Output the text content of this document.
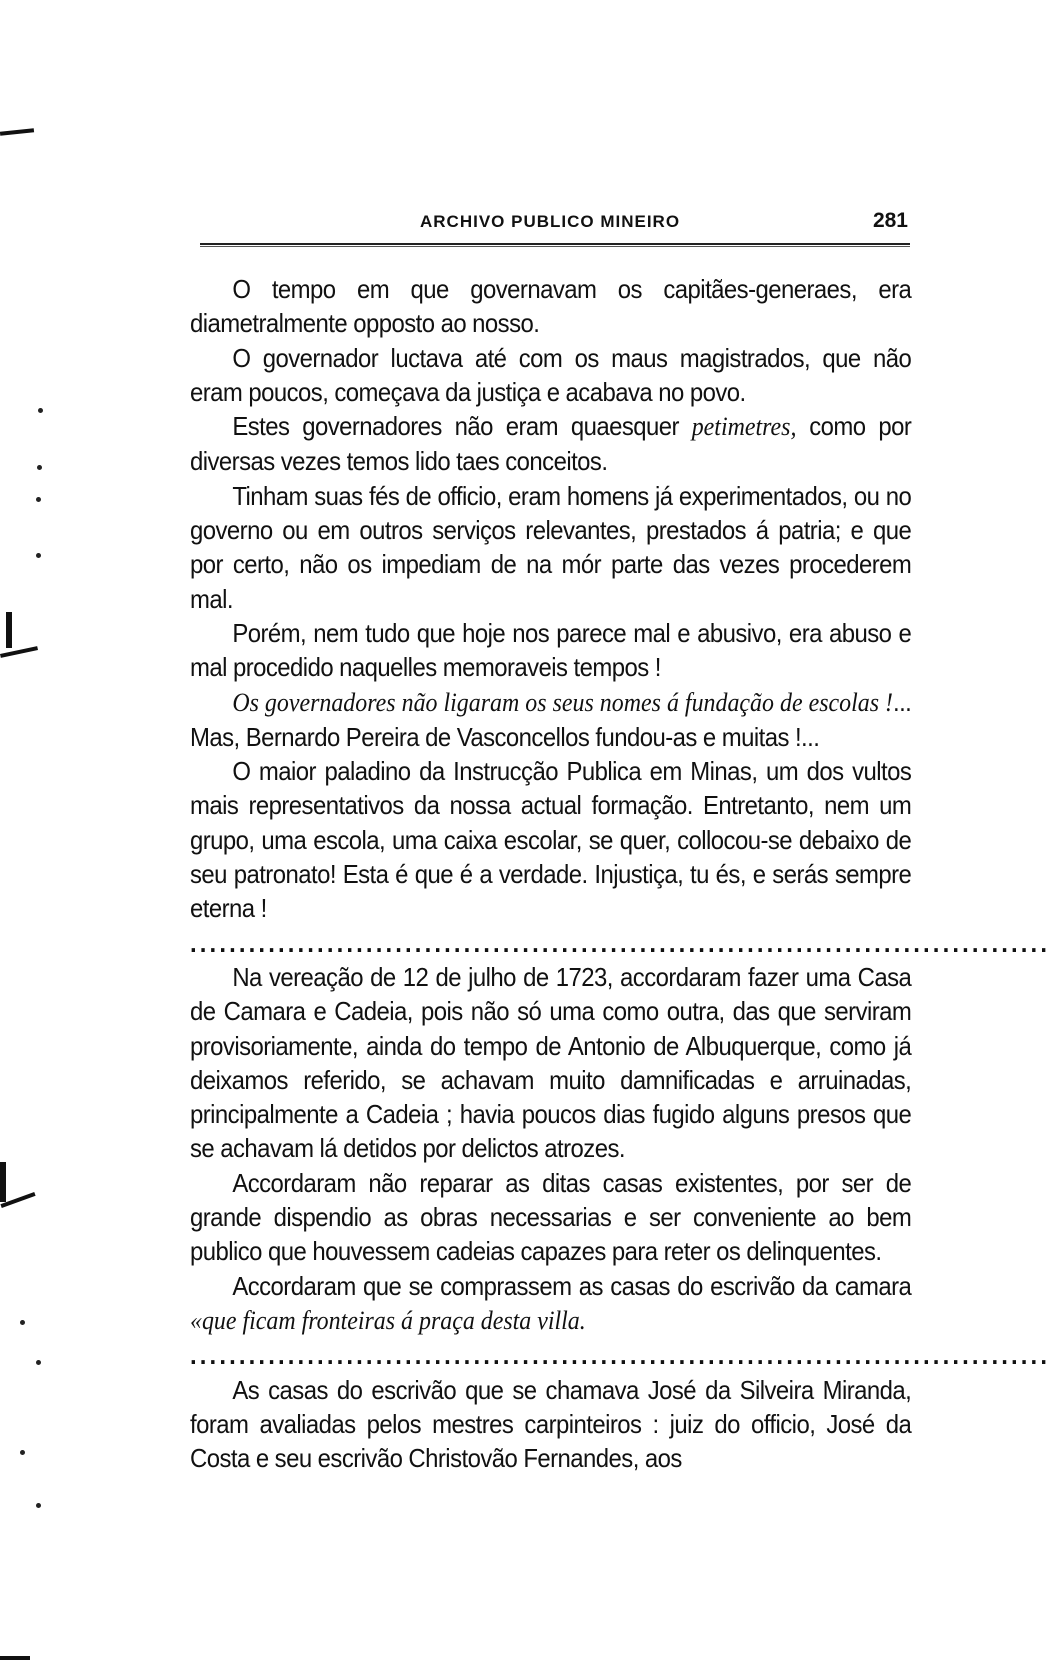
ARCHIVO PUBLICO MINEIRO	281

O tempo em que governavam os capitães-generaes, era diametralmente opposto ao nosso.

O governador luctava até com os maus magistrados, que não eram poucos, começava da justiça e acabava no povo.

Estes governadores não eram quaesquer petimetres, como por diversas vezes temos lido taes conceitos.

Tinham suas fés de officio, eram homens já experimentados, ou no governo ou em outros serviços relevantes, prestados á patria; e que por certo, não os impediam de na mór parte das vezes procederem mal.

Porém, nem tudo que hoje nos parece mal e abusivo, era abuso e mal procedido naquelles memoraveis tempos !

Os governadores não ligaram os seus nomes á fundação de escolas !... Mas, Bernardo Pereira de Vasconcellos fundou-as e muitas !...

O maior paladino da Instrucção Publica em Minas, um dos vultos mais representativos da nossa actual formação. Entretanto, nem um grupo, uma escola, uma caixa escolar, se quer, collocou-se debaixo de seu patronato! Esta é que é a verdade. Injustiça, tu és, e serás sempre eterna !

........................................................................................

Na vereação de 12 de julho de 1723, accordaram fazer uma Casa de Camara e Cadeia, pois não só uma como outra, das que serviram provisoriamente, ainda do tempo de Antonio de Albuquerque, como já deixamos referido, se achavam muito damnificadas e arruinadas, principalmente a Cadeia ; havia poucos dias fugido alguns presos que se achavam lá detidos por delictos atrozes.

Accordaram não reparar as ditas casas existentes, por ser de grande dispendio as obras necessarias e ser conveniente ao bem publico que houvessem cadeias capazes para reter os delinquentes.

Accordaram que se comprassem as casas do escrivão da camara «que ficam fronteiras á praça desta villa.

........................................................................................

As casas do escrivão que se chamava José da Silveira Miranda, foram avaliadas pelos mestres carpinteiros : juiz do officio, José da Costa e seu escrivão Christovão Fernandes, aos
